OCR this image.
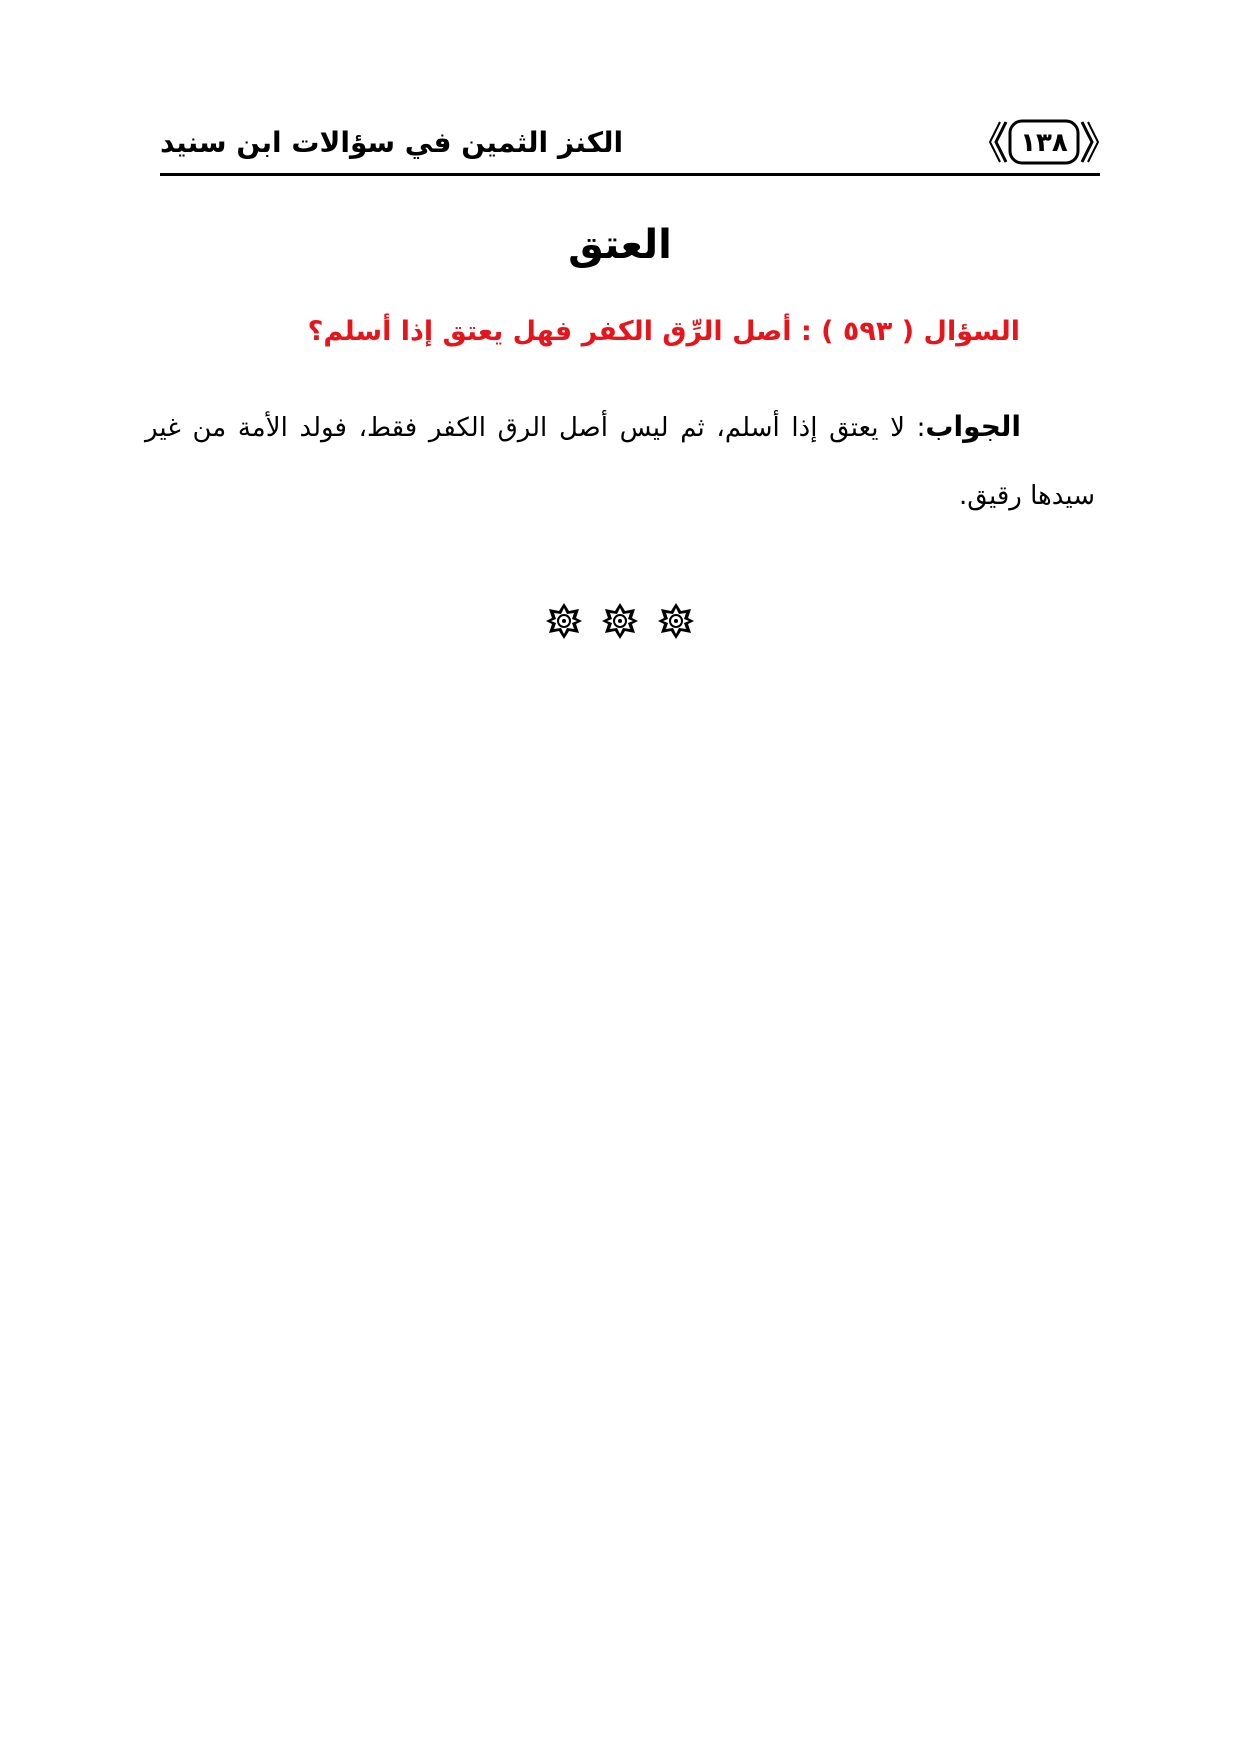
الكنز الثمين في سؤالات ابن سنيد	١٣٨
العتق
السؤال ( ٥٩٣ ) : أصل الرِّق الكفر فهل يعتق إذا أسلم؟
الجواب: لا يعتق إذا أسلم، ثم ليس أصل الرق الكفر فقط، فولد الأمة من غير سيدها رقيق.
